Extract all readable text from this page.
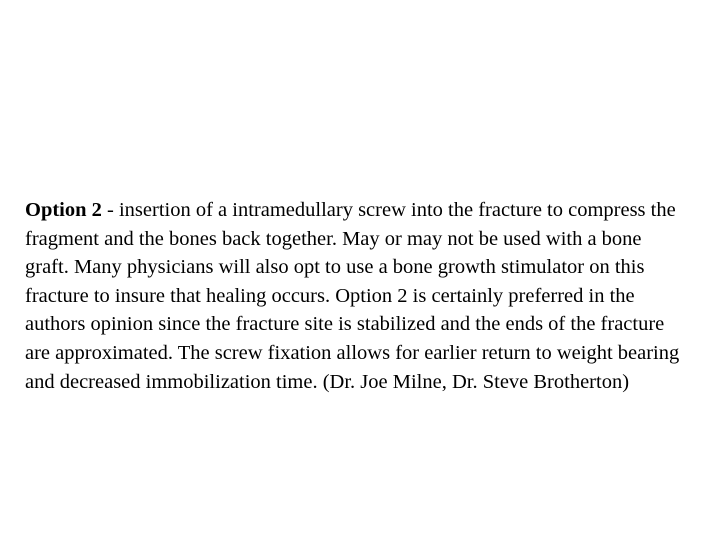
Option 2 - insertion of a intramedullary screw into the fracture to compress the fragment and the bones back together. May or may not be used with a bone graft. Many physicians will also opt to use a bone growth stimulator on this fracture to insure that healing occurs. Option 2 is certainly preferred in the authors opinion since the fracture site is stabilized and the ends of the fracture are approximated. The screw fixation allows for earlier return to weight bearing and decreased immobilization time. (Dr. Joe Milne, Dr. Steve Brotherton)
